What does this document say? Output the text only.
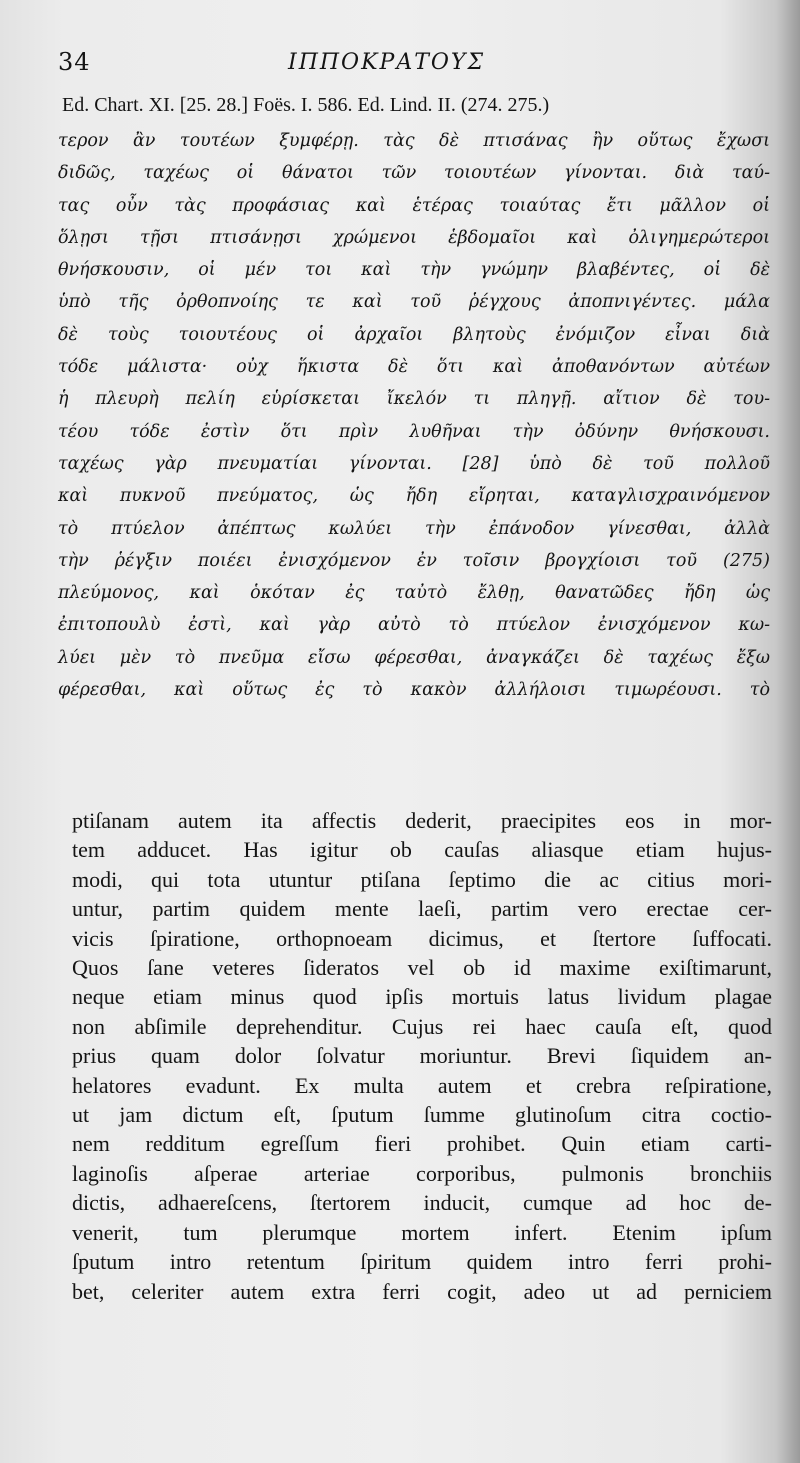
34	ΙΠΠΟΚΡΑΤΟΥΣ
Ed. Chart. XI. [25. 28.] Foës. I. 586. Ed. Lind. II. (274. 275.)
τερον ἂν τουτέων ξυμφέρῃ. τὰς δὲ πτισάνας ἢν οὕτως ἔχωσι
διδῶς, ταχέως οἱ θάνατοι τῶν τοιουτέων γίνονται. διὰ ταύ-
τας οὖν τὰς προφάσιας καὶ ἑτέρας τοιαύτας ἔτι μᾶλλον οἱ
ὅλῃσι τῇσι πτισάνῃσι χρώμενοι ἑβδομαῖοι καὶ ὀλιγημερώτεροι
θνήσκουσιν, οἱ μέν τοι καὶ τὴν γνώμην βλαβέντες, οἱ δὲ
ὑπὸ τῆς ὀρθοπνοίης τε καὶ τοῦ ῥέγχους ἀποπνιγέντες. μάλα
δὲ τοὺς τοιουτέους οἱ ἀρχαῖοι βλητοὺς ἐνόμιζον εἶναι διὰ
τόδε μάλιστα· οὐχ ἥκιστα δὲ ὅτι καὶ ἀποθανόντων αὐτέων
ἡ πλευρὴ πελίη εὑρίσκεται ἴκελόν τι πληγῇ. αἴτιον δὲ του-
τέου τόδε ἐστὶν ὅτι πρὶν λυθῆναι τὴν ὀδύνην θνήσκουσι.
ταχέως γὰρ πνευματίαι γίνονται. [28] ὑπὸ δὲ τοῦ πολλοῦ
καὶ πυκνοῦ πνεύματος, ὡς ἤδη εἴρηται, καταγλισχραινόμενον
τὸ πτύελον ἀπέπτως κωλύει τὴν ἐπάνοδον γίνεσθαι, ἀλλὰ
τὴν ῥέγξιν ποιέει ἐνισχόμενον ἐν τοῖσιν βρογχίοισι τοῦ (275)
πλεύμονος, καὶ ὁκόταν ἐς ταὐτὸ ἔλθῃ, θανατῶδες ἤδη ὡς
ἐπιτοπουλὺ ἐστὶ, καὶ γὰρ αὐτὸ τὸ πτύελον ἐνισχόμενον κω-
λύει μὲν τὸ πνεῦμα εἴσω φέρεσθαι, ἀναγκάζει δὲ ταχέως ἔξω
φέρεσθαι, καὶ οὕτως ἐς τὸ κακὸν ἀλλήλοισι τιμωρέουσι. τὸ
ptiſanam autem ita affectis dederit, praecipites eos in mor-
tem adducet. Has igitur ob cauſas aliasque etiam hujus-
modi, qui tota utuntur ptiſana ſeptimo die ac citius mori-
untur, partim quidem mente laeſi, partim vero erectae cer-
vicis ſpiratione, orthopnoeam dicimus, et ſtertore ſuffocati.
Quos ſane veteres ſideratos vel ob id maxime exiſtimarunt,
neque etiam minus quod ipſis mortuis latus lividum plagae
non abſimile deprehenditur. Cujus rei haec cauſa eſt, quod
prius quam dolor ſolvatur moriuntur. Brevi ſiquidem an-
helatores evadunt. Ex multa autem et crebra reſpiratione,
ut jam dictum eſt, ſputum ſumme glutinoſum citra coctio-
nem redditum egreſſum fieri prohibet. Quin etiam carti-
laginoſis aſperae arteriae corporibus, pulmonis bronchiis
dictis, adhaereſcens, ſtertorem inducit, cumque ad hoc de-
venerit, tum plerumque mortem infert. Etenim ipſum
ſputum intro retentum ſpiritum quidem intro ferri prohi-
bet, celeriter autem extra ferri cogit, adeo ut ad perniciem
